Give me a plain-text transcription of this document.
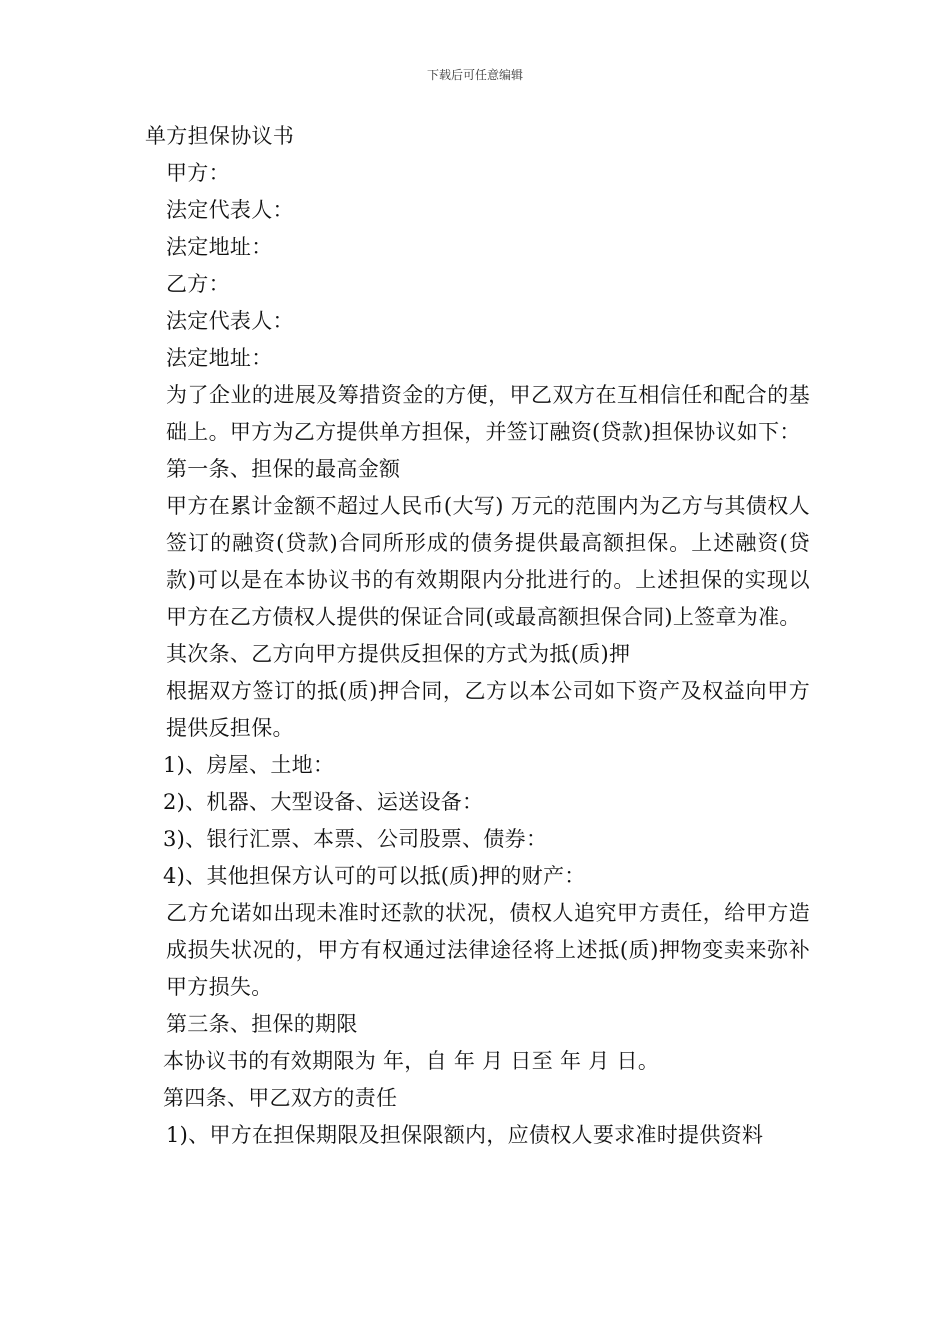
下载后可任意编辑

单方担保协议书

甲方：

法定代表人：

法定地址：

乙方：

法定代表人：

法定地址：

为了企业的进展及筹措资金的方便，甲乙双方在互相信任和配合的基础上。甲方为乙方提供单方担保，并签订融资(贷款)担保协议如下：

第一条、担保的最高金额

甲方在累计金额不超过人民币(大写) 万元的范围内为乙方与其债权人签订的融资(贷款)合同所形成的债务提供最高额担保。上述融资(贷款)可以是在本协议书的有效期限内分批进行的。上述担保的实现以甲方在乙方债权人提供的保证合同(或最高额担保合同)上签章为准。

其次条、乙方向甲方提供反担保的方式为抵(质)押

根据双方签订的抵(质)押合同，乙方以本公司如下资产及权益向甲方提供反担保。

1)、房屋、土地：

2)、机器、大型设备、运送设备：

3)、银行汇票、本票、公司股票、债券：

4)、其他担保方认可的可以抵(质)押的财产：

乙方允诺如出现未准时还款的状况，债权人追究甲方责任，给甲方造成损失状况的，甲方有权通过法律途径将上述抵(质)押物变卖来弥补甲方损失。

第三条、担保的期限

本协议书的有效期限为 年，自 年 月 日至 年 月 日。

第四条、甲乙双方的责任

1)、甲方在担保期限及担保限额内，应债权人要求准时提供资料
